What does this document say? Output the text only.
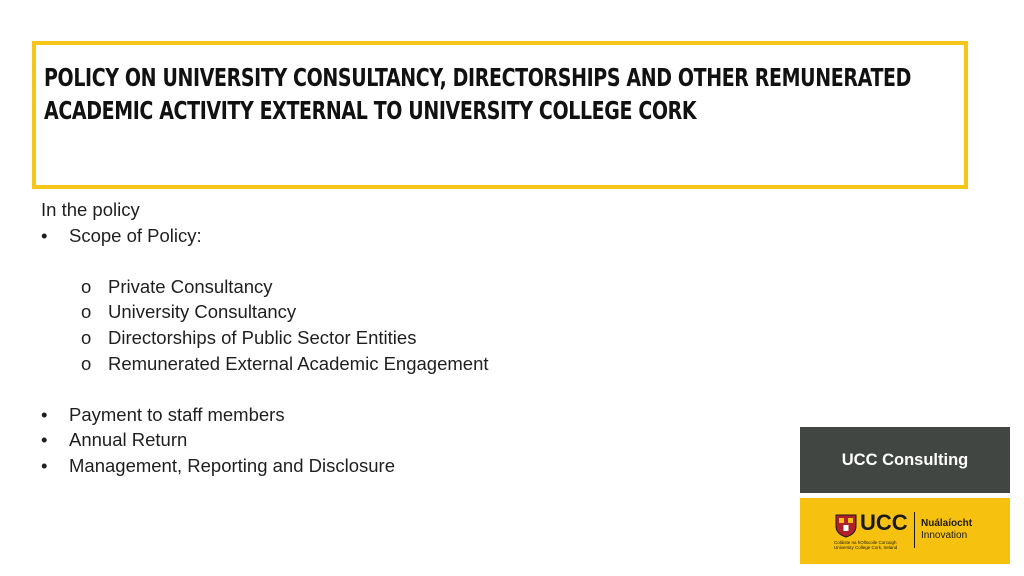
POLICY ON UNIVERSITY CONSULTANCY, DIRECTORSHIPS AND OTHER REMUNERATED ACADEMIC ACTIVITY EXTERNAL TO UNIVERSITY COLLEGE CORK
In the policy
•	Scope of Policy:
o Private Consultancy
o University Consultancy
o Directorships of Public Sector Entities
o Remunerated External Academic Engagement
•	Payment to staff members
•	Annual Return
•	Management, Reporting and Disclosure	UCC Consulting
UCC
Coláiste na hOllscoile Corcaigh
University College Cork, Ireland
Nuálaíocht
Innovation
